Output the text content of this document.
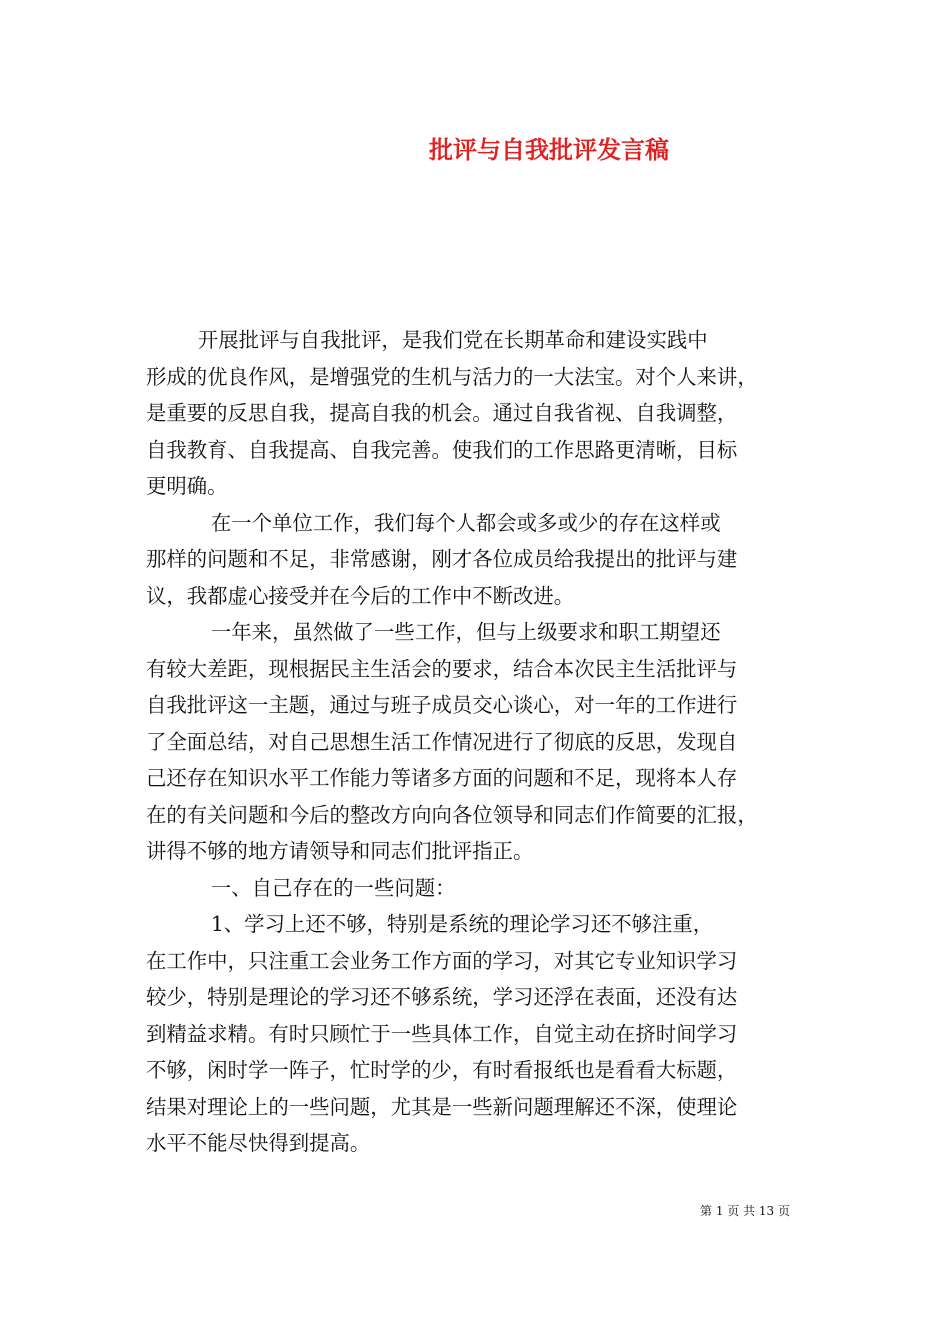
批评与自我批评发言稿
开展批评与自我批评，是我们党在长期革命和建设实践中
形成的优良作风，是增强党的生机与活力的一大法宝。对个人来讲，
是重要的反思自我，提高自我的机会。通过自我省视、自我调整，
自我教育、自我提高、自我完善。使我们的工作思路更清晰，目标
更明确。
在一个单位工作，我们每个人都会或多或少的存在这样或
那样的问题和不足，非常感谢，刚才各位成员给我提出的批评与建
议，我都虚心接受并在今后的工作中不断改进。
一年来，虽然做了一些工作，但与上级要求和职工期望还
有较大差距，现根据民主生活会的要求，结合本次民主生活批评与
自我批评这一主题，通过与班子成员交心谈心，对一年的工作进行
了全面总结，对自己思想生活工作情况进行了彻底的反思，发现自
己还存在知识水平工作能力等诸多方面的问题和不足，现将本人存
在的有关问题和今后的整改方向向各位领导和同志们作简要的汇报，
讲得不够的地方请领导和同志们批评指正。
一、自己存在的一些问题：
1、学习上还不够，特别是系统的理论学习还不够注重，
在工作中，只注重工会业务工作方面的学习，对其它专业知识学习
较少，特别是理论的学习还不够系统，学习还浮在表面，还没有达
到精益求精。有时只顾忙于一些具体工作，自觉主动在挤时间学习
不够，闲时学一阵子，忙时学的少，有时看报纸也是看看大标题，
结果对理论上的一些问题，尤其是一些新问题理解还不深，使理论
水平不能尽快得到提高。
第 1 页 共 13 页
